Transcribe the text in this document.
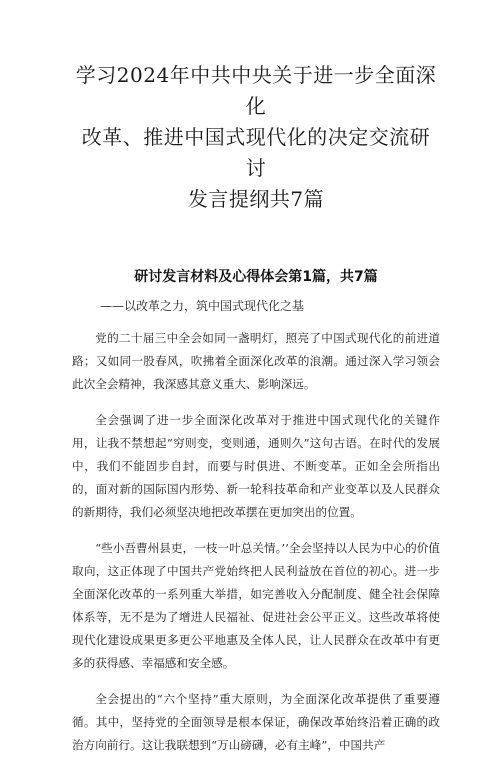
学习2024年中共中央关于进一步全面深化
改革、推进中国式现代化的决定交流研讨
发言提纲共7篇
研讨发言材料及心得体会第1篇，共7篇

——以改革之力，筑中国式现代化之基

党的二十届三中全会如同一盏明灯，照亮了中国式现代化的前进道路；又如同一股春风，吹拂着全面深化改革的浪潮。通过深入学习领会此次全会精神，我深感其意义重大、影响深远。

全会强调了进一步全面深化改革对于推进中国式现代化的关键作用，让我不禁想起“穷则变，变则通，通则久”这句古语。在时代的发展中，我们不能固步自封，而要与时俱进、不断变革。正如全会所指出的，面对新的国际国内形势、新一轮科技革命和产业变革以及人民群众的新期待，我们必须坚决地把改革摆在更加突出的位置。

“些小吾曹州县吏，一枝一叶总关情。’’全会坚持以人民为中心的价值取向，这正体现了中国共产党始终把人民利益放在首位的初心。进一步全面深化改革的一系列重大举措，如完善收入分配制度、健全社会保障体系等，无不是为了增进人民福祉、促进社会公平正义。这些改革将使现代化建设成果更多更公平地惠及全体人民，让人民群众在改革中有更多的获得感、幸福感和安全感。

全会提出的“六个坚持”重大原则，为全面深化改革提供了重要遵循。其中，坚持党的全面领导是根本保证，确保改革始终沿着正确的政治方向前行。这让我联想到“万山磅礴，必有主峰”，中国共产
